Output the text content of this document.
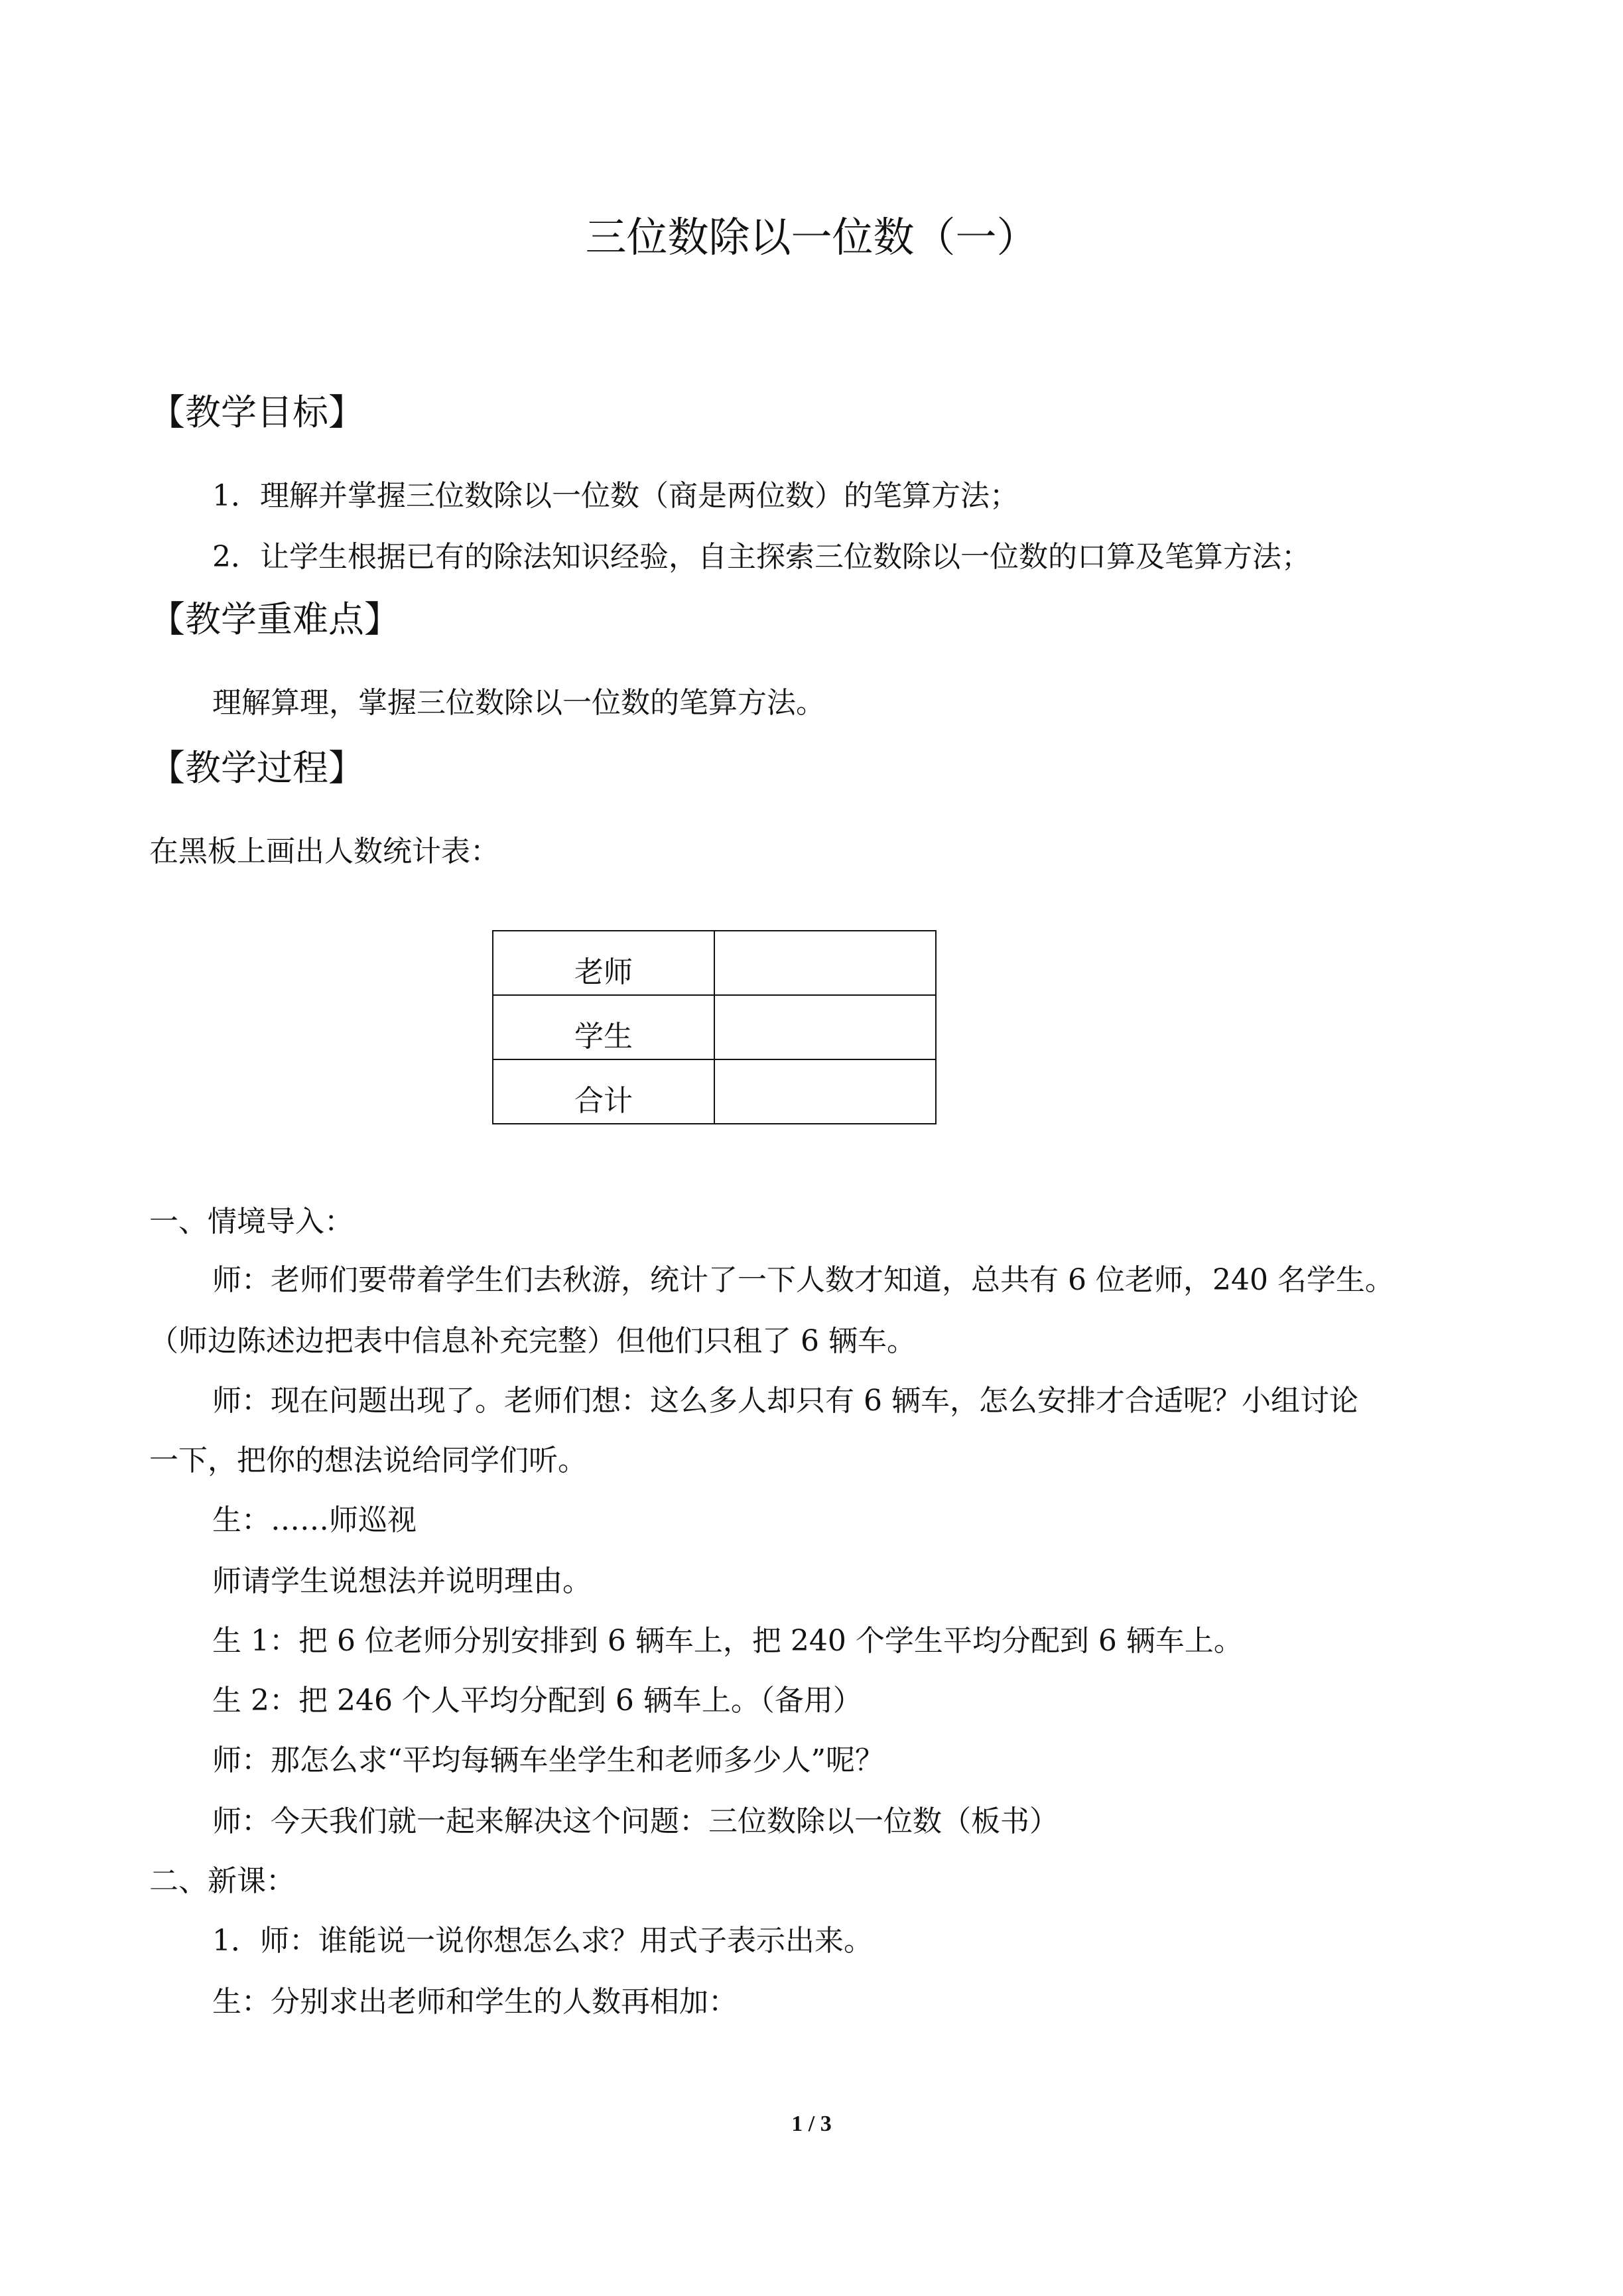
三位数除以一位数（一）
【教学目标】
1．理解并掌握三位数除以一位数（商是两位数）的笔算方法；
2．让学生根据已有的除法知识经验，自主探索三位数除以一位数的口算及笔算方法；
【教学重难点】
理解算理，掌握三位数除以一位数的笔算方法。
【教学过程】
在黑板上画出人数统计表：
老师	
学生	
合计	
一、情境导入：
师：老师们要带着学生们去秋游，统计了一下人数才知道，总共有 6 位老师，240 名学生。
（师边陈述边把表中信息补充完整）但他们只租了 6 辆车。
师：现在问题出现了。老师们想：这么多人却只有 6 辆车，怎么安排才合适呢？小组讨论
一下，把你的想法说给同学们听。
生：……师巡视
师请学生说想法并说明理由。
生 1：把 6 位老师分别安排到 6 辆车上，把 240 个学生平均分配到 6 辆车上。
生 2：把 246 个人平均分配到 6 辆车上。（备用）
师：那怎么求“平均每辆车坐学生和老师多少人”呢？
师：今天我们就一起来解决这个问题：三位数除以一位数（板书）
二、新课：
1．师：谁能说一说你想怎么求？用式子表示出来。
生：分别求出老师和学生的人数再相加：
1 / 3
